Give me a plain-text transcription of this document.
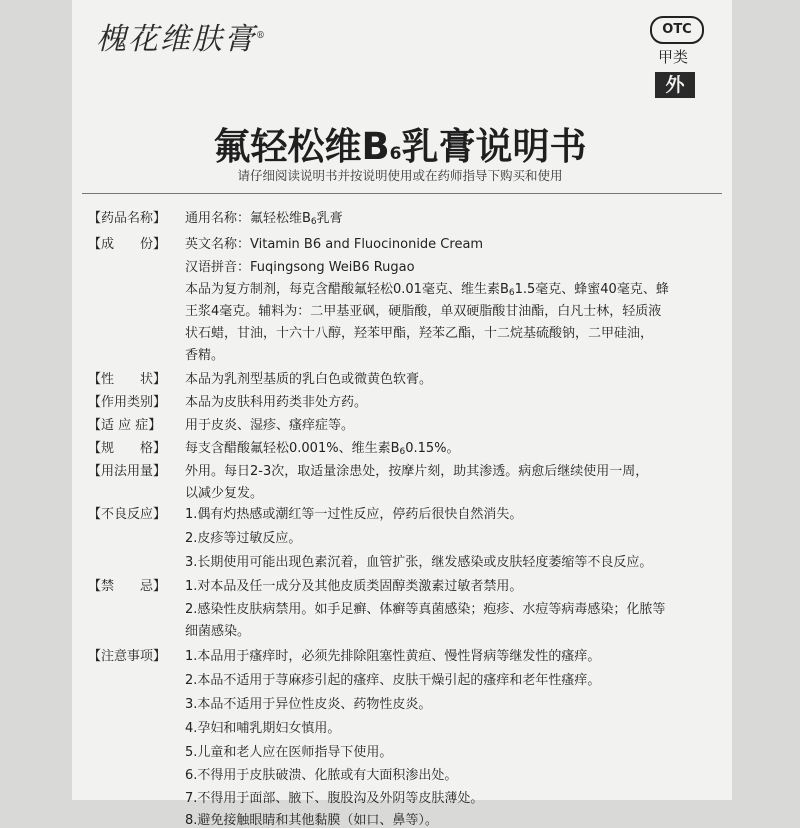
槐花维肤膏®	OTC
甲类
外
氟轻松维B6乳膏说明书
请仔细阅读说明书并按说明使用或在药师指导下购买和使用
【药品名称】	通用名称：氟轻松维B6乳膏
【成　　份】	英文名称：Vitamin B6 and Fluocinonide Cream
汉语拼音：Fuqingsong WeiB6 Rugao
本品为复方制剂，每克含醋酸氟轻松0.01毫克、维生素B61.5毫克、蜂蜜40毫克、蜂
王浆4毫克。辅料为：二甲基亚砜，硬脂酸，单双硬脂酸甘油酯，白凡士林，轻质液
状石蜡，甘油，十六十八醇，羟苯甲酯，羟苯乙酯，十二烷基硫酸钠，二甲硅油，
香精。
【性　　状】	本品为乳剂型基质的乳白色或微黄色软膏。
【作用类别】	本品为皮肤科用药类非处方药。
【适 应 症】	用于皮炎、湿疹、瘙痒症等。
【规　　格】	每支含醋酸氟轻松0.001%、维生素B60.15%。
【用法用量】	外用。每日2-3次，取适量涂患处，按摩片刻，助其渗透。病愈后继续使用一周，
以减少复发。
【不良反应】	1.偶有灼热感或潮红等一过性反应，停药后很快自然消失。
2.皮疹等过敏反应。
3.长期使用可能出现色素沉着，血管扩张，继发感染或皮肤轻度萎缩等不良反应。
【禁　　忌】	1.对本品及任一成分及其他皮质类固醇类激素过敏者禁用。
2.感染性皮肤病禁用。如手足癣、体癣等真菌感染；疱疹、水痘等病毒感染；化脓等
细菌感染。
【注意事项】	1.本品用于瘙痒时，必须先排除阻塞性黄疸、慢性肾病等继发性的瘙痒。
2.本品不适用于荨麻疹引起的瘙痒、皮肤干燥引起的瘙痒和老年性瘙痒。
3.本品不适用于异位性皮炎、药物性皮炎。
4.孕妇和哺乳期妇女慎用。
5.儿童和老人应在医师指导下使用。
6.不得用于皮肤破溃、化脓或有大面积渗出处。
7.不得用于面部、腋下、腹股沟及外阴等皮肤薄处。
8.避免接触眼睛和其他黏膜（如口、鼻等）。
